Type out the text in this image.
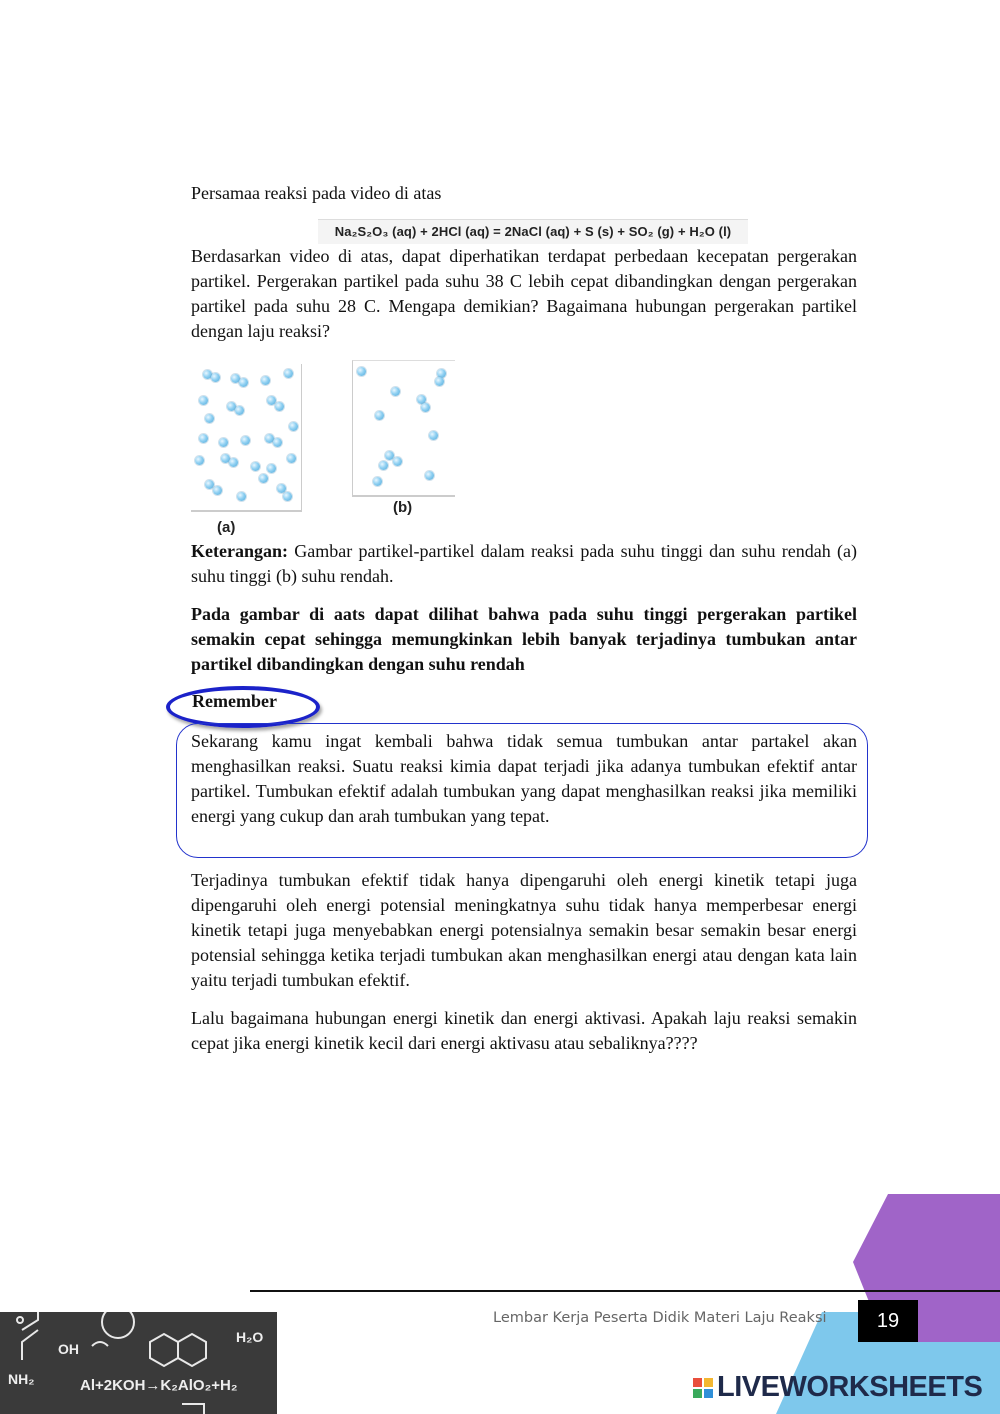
Persamaa reaksi pada video di atas

Na₂S₂O₃ (aq) + 2HCl (aq) = 2NaCl (aq) + S (s) + SO₂ (g) + H₂O (l)

Berdasarkan video di atas, dapat diperhatikan terdapat perbedaan kecepatan pergerakan partikel. Pergerakan partikel pada suhu 38 C lebih cepat dibandingkan dengan pergerakan partikel pada suhu 28 C. Mengapa demikian? Bagaimana hubungan pergerakan partikel dengan laju reaksi?

(a)
(b)

Keterangan: Gambar partikel-partikel dalam reaksi pada suhu tinggi dan suhu rendah (a) suhu tinggi (b) suhu rendah.

Pada gambar di aats dapat dilihat bahwa pada suhu tinggi pergerakan partikel semakin cepat sehingga memungkinkan lebih banyak terjadinya tumbukan antar partikel dibandingkan dengan suhu rendah

Remember

Sekarang kamu ingat kembali bahwa tidak semua tumbukan antar partakel akan menghasilkan reaksi. Suatu reaksi kimia dapat terjadi jika adanya tumbukan efektif antar partikel. Tumbukan efektif adalah tumbukan yang dapat menghasilkan reaksi jika memiliki energi yang cukup dan arah tumbukan yang tepat.

Terjadinya tumbukan efektif tidak hanya dipengaruhi oleh energi kinetik tetapi juga dipengaruhi oleh energi potensial meningkatnya suhu tidak hanya memperbesar energi kinetik tetapi juga menyebabkan energi potensialnya semakin besar semakin besar energi potensial sehingga ketika terjadi tumbukan akan menghasilkan energi atau dengan kata lain yaitu terjadi tumbukan efektif.

Lalu bagaimana hubungan energi kinetik dan energi aktivasi. Apakah laju reaksi semakin cepat jika energi kinetik kecil dari energi aktivasu atau sebaliknya????

Lembar Kerja Peserta Didik Materi Laju Reaksi	19
OH
NH₂
H₂O
Al+2KOH→K₂AlO₂+H₂	LIVEWORKSHEETS
